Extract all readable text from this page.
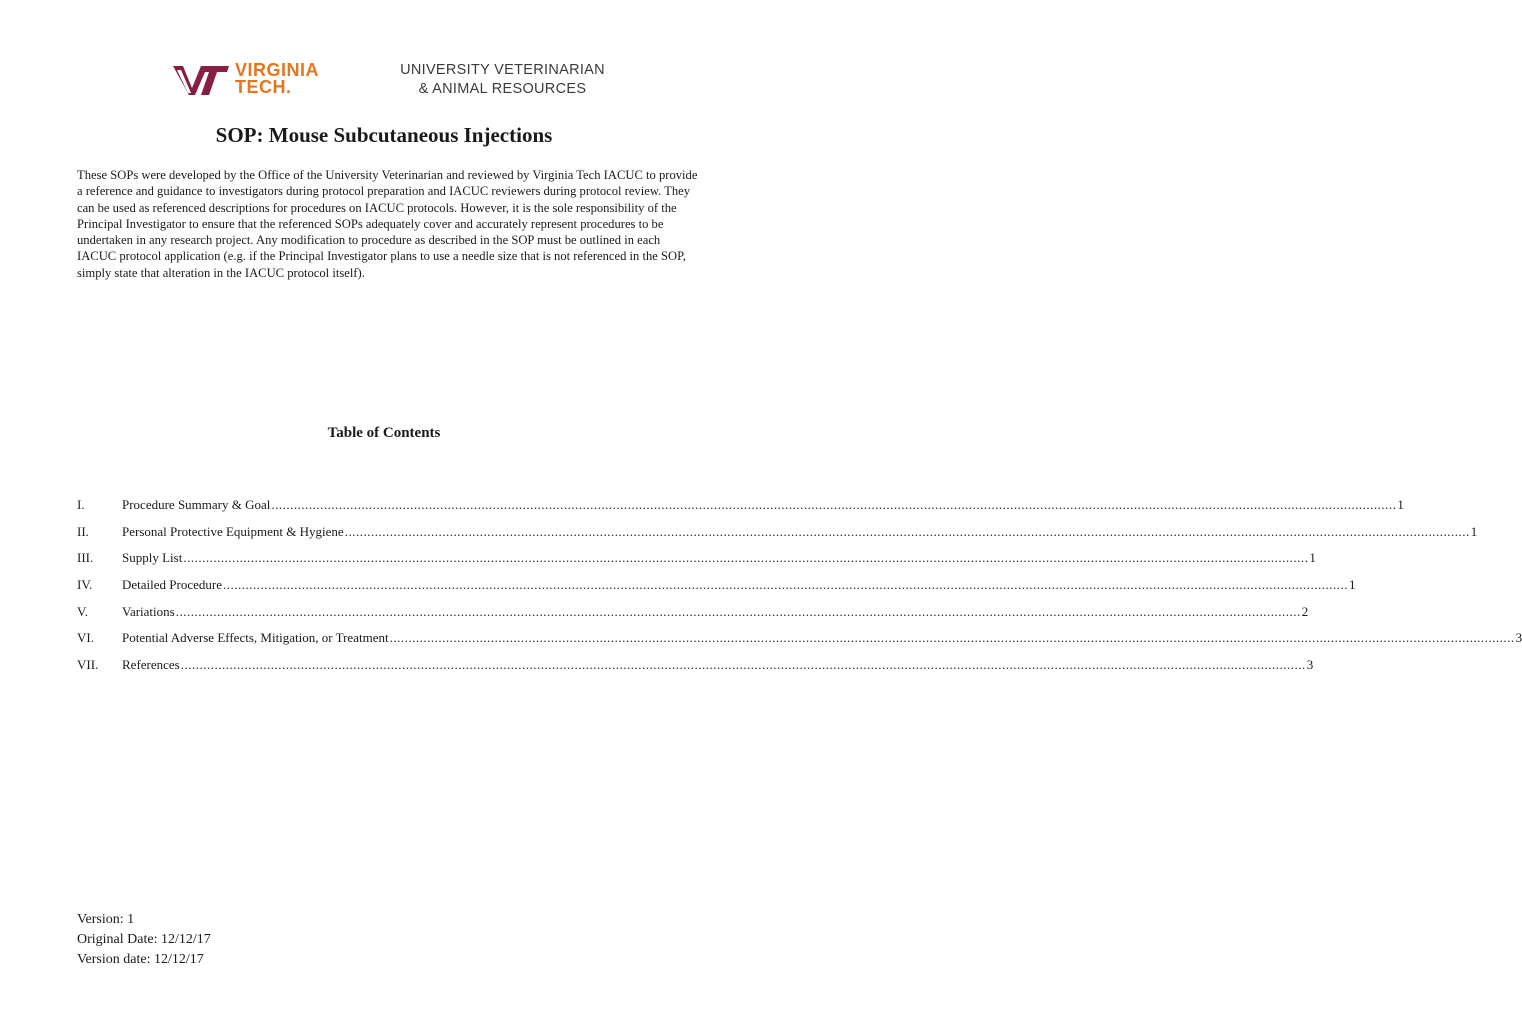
VIRGINIA
TECH.
UNIVERSITY VETERINARIAN
& ANIMAL RESOURCES
SOP: Mouse Subcutaneous Injections

These SOPs were developed by the Office of the University Veterinarian and reviewed by Virginia Tech IACUC to provide a reference and guidance to investigators during protocol preparation and IACUC reviewers during protocol review. They can be used as referenced descriptions for procedures on IACUC protocols. However, it is the sole responsibility of the Principal Investigator to ensure that the referenced SOPs adequately cover and accurately represent procedures to be undertaken in any research project. Any modification to procedure as described in the SOP must be outlined in each IACUC protocol application (e.g. if the Principal Investigator plans to use a needle size that is not referenced in the SOP, simply state that alteration in the IACUC protocol itself).

Table of Contents
I.	Procedure Summary & Goal ............................................................................................................................................................................................................................................................................................................ 1
II.	Personal Protective Equipment & Hygiene ............................................................................................................................................................................................................................................................................................................ 1
III.	Supply List ............................................................................................................................................................................................................................................................................................................ 1
IV.	Detailed Procedure ............................................................................................................................................................................................................................................................................................................ 1
V.	Variations ............................................................................................................................................................................................................................................................................................................ 2
VI.	Potential Adverse Effects, Mitigation, or Treatment ............................................................................................................................................................................................................................................................................................................ 3
VII.	References ............................................................................................................................................................................................................................................................................................................ 3
Version: 1
Original Date: 12/12/17
Version date: 12/12/17
